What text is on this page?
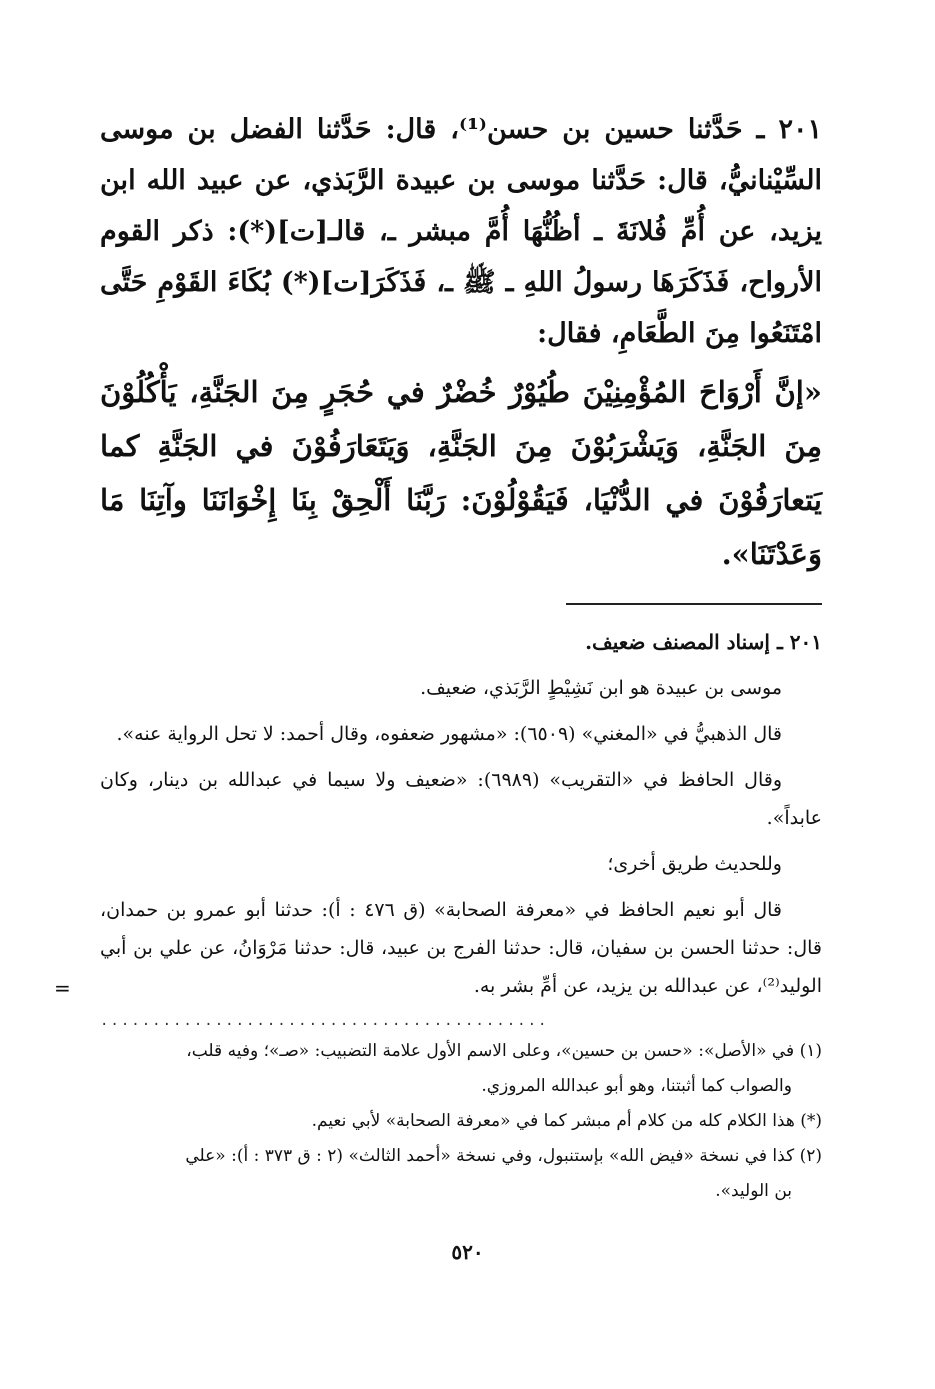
٢٠١ ـ حَدَّثنا حسين بن حسن⁽¹⁾، قال: حَدَّثنا الفضل بن موسى السِّيْنانيُّ، قال: حَدَّثنا موسى بن عبيدة الرَّبَذي، عن عبيد الله ابن يزيد، عن أُمِّ فُلانَةَ ـ أظُنُّهَا أُمَّ مبشر ـ، قالـ[ت](*): ذكر القوم الأرواح، فَذَكَرَهَا رسولُ اللهِ ـ ﷺ ـ، فَذَكَرَ[ت](*) بُكَاءَ القَوْمِ حَتَّى امْتَنَعُوا مِنَ الطَّعَامِ، فقال:

«إنَّ أَرْوَاحَ المُؤْمِنِيْنَ طُيُوْرٌ خُضْرٌ في حُجَرٍ مِنَ الجَنَّةِ، يَأْكُلُوْنَ مِنَ الجَنَّةِ، وَيَشْرَبُوْنَ مِنَ الجَنَّةِ، وَيَتَعَارَفُوْنَ في الجَنَّةِ كما يَتعارَفُوْنَ في الدُّنْيَا، فَيَقُوْلُوْنَ: رَبَّنَا أَلْحِقْ بِنَا إِخْوَانَنَا وآتِنَا مَا وَعَدْتَنَا».

٢٠١ ـ إسناد المصنف ضعيف.

موسى بن عبيدة هو ابن نَشِيْطٍ الرَّبَذي، ضعيف.

قال الذهبيُّ في «المغني» (٦٥٠٩): «مشهور ضعفوه، وقال أحمد: لا تحل الرواية عنه».

وقال الحافظ في «التقريب» (٦٩٨٩): «ضعيف ولا سيما في عبدالله بن دينار، وكان عابداً».

وللحديث طريق أخرى؛

قال أبو نعيم الحافظ في «معرفة الصحابة» (ق ٤٧٦ : أ): حدثنا أبو عمرو بن حمدان، قال: حدثنا الحسن بن سفيان، قال: حدثنا الفرج بن عبيد، قال: حدثنا مَرْوَانُ، عن علي بن أبي الوليد⁽²⁾، عن عبدالله بن يزيد، عن أمِّ بشر به.

...........................................

(١) في «الأصل»: «حسن بن حسين»، وعلى الاسم الأول علامة التضبيب: «صـ»؛ وفيه قلب،

والصواب كما أثبتنا، وهو أبو عبدالله المروزي.

(*) هذا الكلام كله من كلام أم مبشر كما في «معرفة الصحابة» لأبي نعيم.

(٢) كذا في نسخة «فيض الله» بإستنبول، وفي نسخة «أحمد الثالث» (٢ : ق ٣٧٣ : أ): «علي

بن الوليد».

=
٥٢٠
